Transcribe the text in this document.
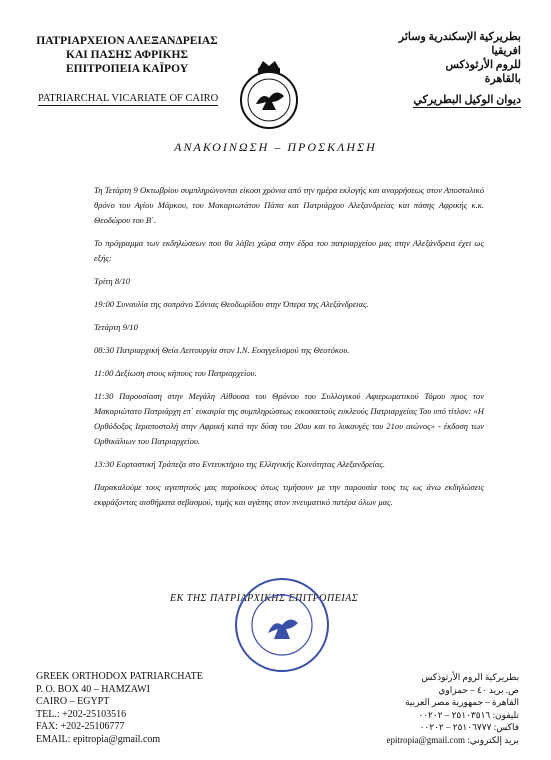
ΠΑΤΡΙΑΡΧΕΙΟΝ ΑΛΕΞΑΝΔΡΕΙΑΣ
ΚΑΙ ΠΑΣΗΣ ΑΦΡΙΚΗΣ
ΕΠΙΤΡΟΠΕΙΑ ΚΑΪΡΟΥ
PATRIARCHAL VICARIATE OF CAIRO
بطريركية الإسكندرية وسائر افريقيا
للروم الأرثوذكس
بالقاهرة
ديوان الوكيل البطريركي
ΑΝΑΚΟΙΝΩΣΗ – ΠΡΟΣΚΛΗΣΗ

Τη Τετάρτη 9 Οκτωβρίου συμπληρώνονται είκοσι χρόνια από την ημέρα εκλογής και αναρρήσεως στον Αποστολικό θρόνο του Αγίου Μάρκου, του Μακαριωτάτου Πάπα και Πατριάρχου Αλεξανδρείας και πάσης Αφρικής κ.κ. Θεοδώρου του Β΄.

Το πρόγραμμα των εκδηλώσεων που θα λάβει χώρα στην έδρα του πατριαρχείου μας στην Αλεξάνδρεια έχει ως εξής:

Τρίτη 8/10

19:00 Συναυλία της σοπράνο Σόνιας Θεοδωρίδου στην Όπερα της Αλεξάνδρειας.

Τετάρτη 9/10

08:30 Πατριαρχική Θεία Λειτουργία στον Ι.Ν. Ευαγγελισμού της Θεοτόκου.

11:00 Δεξίωση στους κήπους του Πατριαρχείου.

11:30 Παρουσίαση στην Μεγάλη Αίθουσα του Θρόνου του Συλλογικού Αφιερωματικού Τόμου προς τον Μακαριώτατο Πατριάρχη επ΄ ευκαιρία της συμπληρώσεως εικοσαετούς ευκλεούς Πατριαρχείας Του υπό τίτλον: «Η Ορθόδοξος Ιεραποστολή στην Αφρική κατά την δύση του 20ου και το λυκαυγές του 21ου αιώνος» - έκδοση των Ορθικάλιων του Πατριαρχείου.

13:30 Εορταστική Τράπεζα στο Εντευκτήριο της Ελληνικής Κοινότητας Αλεξανδρείας.

Παρακαλούμε τους αγαπητούς μας παροίκους όπως τιμήσουν με την παρουσία τους τις ως άνω εκδηλώσεις εκφράζοντας αισθήματα σεβασμού, τιμής και αγάπης στον πνευματικό πατέρα όλων μας.

ΕΚ ΤΗΣ ΠΑΤΡΙΑΡΧΙΚΗΣ ΕΠΙΤΡΟΠΕΙΑΣ
GREEK ORTHODOX PATRIARCHATE
P. O. BOX 40 – HAMZAWI
CAIRO – EGYPT
TEL.: +202-25103516
FAX: +202-25106777
EMAIL: epitropia@gmail.com
بطريركية الروم الأرثوذكس
ص. بريد ٤٠ – حمزاوي
القاهرة – جمهورية مصر العربية
تليفون: ٢٥١٠٣٥١٦ – ٠٠٢٠٢
فاكس: ٢٥١٠٦٧٧٧ – ٠٠٢٠٢
بريد إلكتروني: epitropia@gmail.com
